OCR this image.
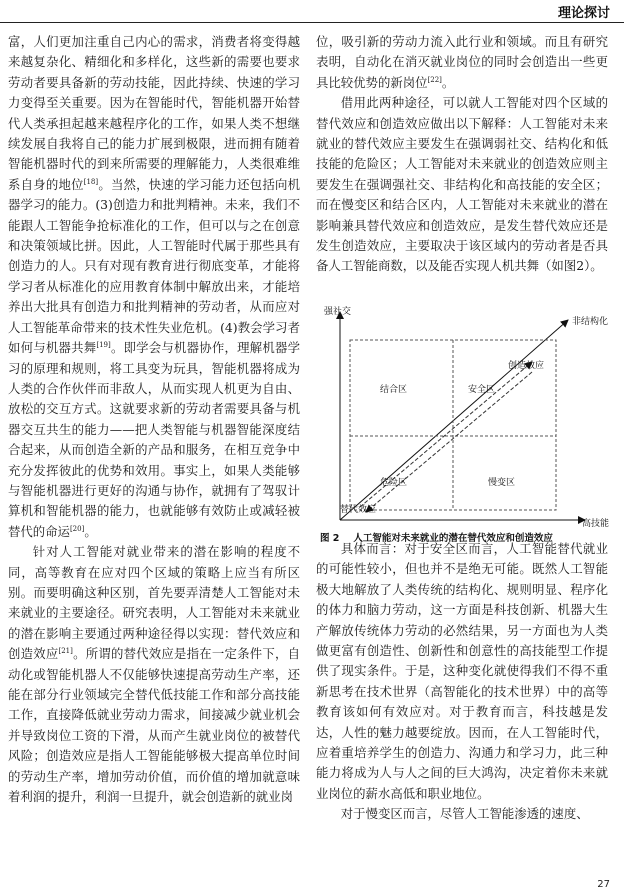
理论探讨

富，人们更加注重自己内心的需求，消费者将变得越来越复杂化、精细化和多样化，这些新的需要也要求劳动者要具备新的劳动技能，因此持续、快速的学习力变得至关重要。因为在智能时代，智能机器开始替代人类承担起越来越程序化的工作，如果人类不想继续发展自我将自己的能力扩展到极限，进而拥有随着智能机器时代的到来所需要的理解能力，人类很难维系自身的地位[18]。当然，快速的学习能力还包括向机器学习的能力。(3)创造力和批判精神。未来，我们不能跟人工智能争抢标准化的工作，但可以与之在创意和决策领域比拼。因此，人工智能时代属于那些具有创造力的人。只有对现有教育进行彻底变革，才能将学习者从标准化的应用教育体制中解放出来，才能培养出大批具有创造力和批判精神的劳动者，从而应对人工智能革命带来的技术性失业危机。(4)教会学习者如何与机器共舞[19]。即学会与机器协作，理解机器学习的原理和规则，将工具变为玩具，智能机器将成为人类的合作伙伴而非敌人，从而实现人机更为自由、放松的交互方式。这就要求新的劳动者需要具备与机器交互共生的能力——把人类智能与机器智能深度结合起来，从而创造全新的产品和服务，在相互竞争中充分发挥彼此的优势和效用。事实上，如果人类能够与智能机器进行更好的沟通与协作，就拥有了驾驭计算机和智能机器的能力，也就能够有效防止或减轻被替代的命运[20]。

针对人工智能对就业带来的潜在影响的程度不同，高等教育在应对四个区域的策略上应当有所区别。而要明确这种区别，首先要弄清楚人工智能对未来就业的主要途径。研究表明，人工智能对未来就业的潜在影响主要通过两种途径得以实现：替代效应和创造效应[21]。所谓的替代效应是指在一定条件下，自动化或智能机器人不仅能够快速提高劳动生产率，还能在部分行业领域完全替代低技能工作和部分高技能工作，直接降低就业劳动力需求，间接减少就业机会并导致岗位工资的下滑，从而产生就业岗位的被替代风险；创造效应是指人工智能能够极大提高单位时间的劳动生产率，增加劳动价值，而价值的增加就意味着利润的提升，利润一旦提升，就会创造新的就业岗

位，吸引新的劳动力流入此行业和领域。而且有研究表明，自动化在消灭就业岗位的同时会创造出一些更具比较优势的新岗位[22]。

借用此两种途径，可以就人工智能对四个区域的替代效应和创造效应做出以下解释：人工智能对未来就业的替代效应主要发生在强调弱社交、结构化和低技能的危险区；人工智能对未来就业的创造效应则主要发生在强调强社交、非结构化和高技能的安全区；而在慢变区和结合区内，人工智能对未来就业的潜在影响兼具替代效应和创造效应，是发生替代效应还是发生创造效应，主要取决于该区域内的劳动者是否具备人工智能商数，以及能否实现人机共舞（如图2）。

具体而言：对于安全区而言，人工智能替代就业的可能性较小，但也并不是绝无可能。既然人工智能极大地解放了人类传统的结构化、规则明显、程序化的体力和脑力劳动，这一方面是科技创新、机器大生产解放传统体力劳动的必然结果，另一方面也为人类做更富有创造性、创新性和创意性的高技能型工作提供了现实条件。于是，这种变化就使得我们不得不重新思考在技术世界（高智能化的技术世界）中的高等教育该如何有效应对。对于教育而言，科技越是发达，人性的魅力越要绽放。因而，在人工智能时代，应着重培养学生的创造力、沟通力和学习力，此三种能力将成为人与人之间的巨大鸿沟，决定着你未来就业岗位的薪水高低和职业地位。

对于慢变区而言，尽管人工智能渗透的速度、

强社交
非结构化
高技能
结合区	安全区
危险区	慢变区
创造效应
替代效应
图 2 人工智能对未来就业的潜在替代效应和创造效应
27
